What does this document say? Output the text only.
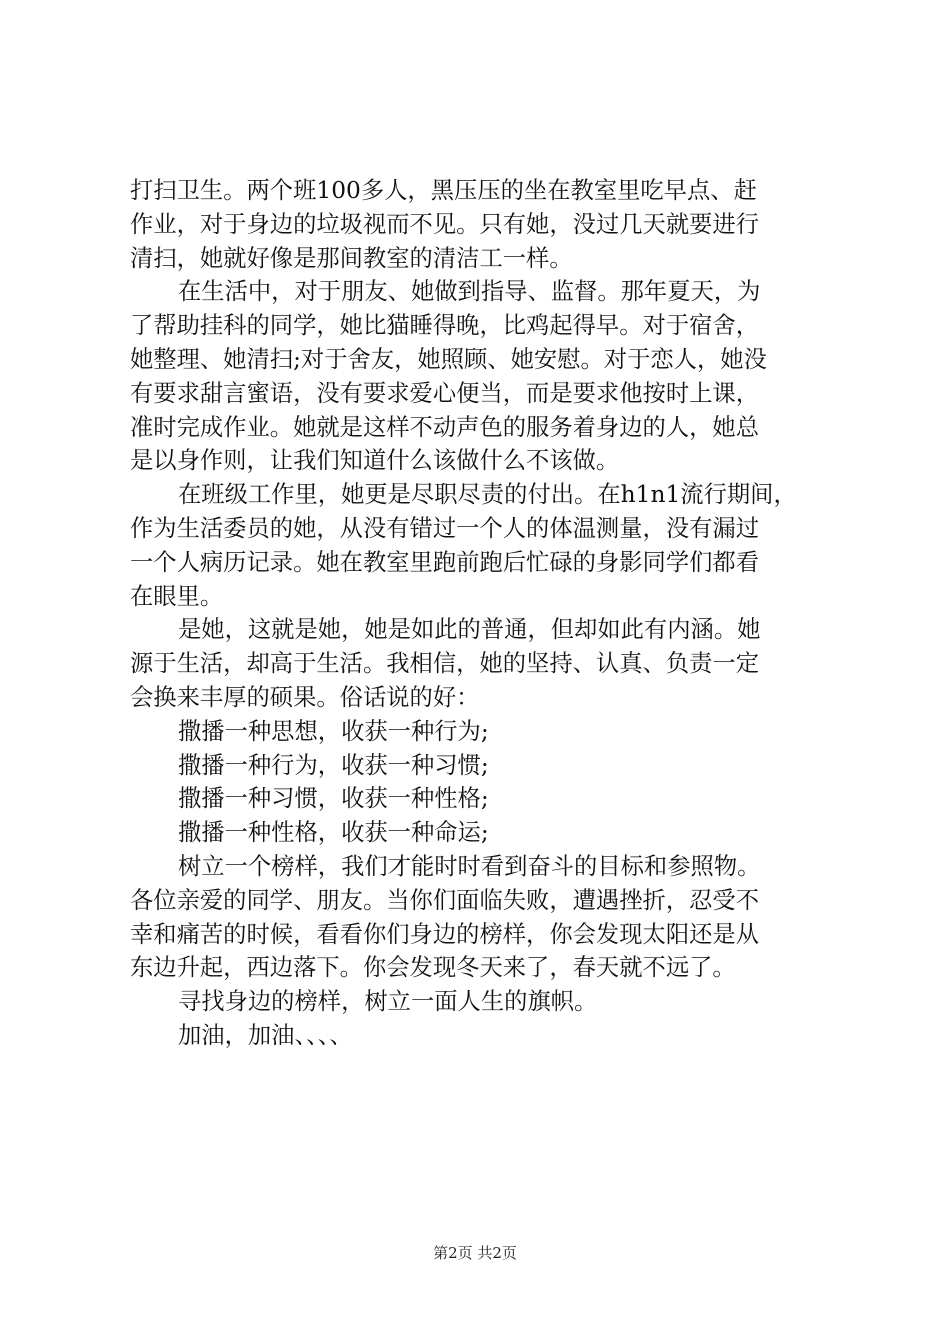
打扫卫生。两个班100多人，黑压压的坐在教室里吃早点、赶
作业，对于身边的垃圾视而不见。只有她，没过几天就要进行
清扫，她就好像是那间教室的清洁工一样。
在生活中，对于朋友、她做到指导、监督。那年夏天，为
了帮助挂科的同学，她比猫睡得晚，比鸡起得早。对于宿舍，
她整理、她清扫;对于舍友，她照顾、她安慰。对于恋人，她没
有要求甜言蜜语，没有要求爱心便当，而是要求他按时上课，
准时完成作业。她就是这样不动声色的服务着身边的人，她总
是以身作则，让我们知道什么该做什么不该做。
在班级工作里，她更是尽职尽责的付出。在h1n1流行期间，
作为生活委员的她，从没有错过一个人的体温测量，没有漏过
一个人病历记录。她在教室里跑前跑后忙碌的身影同学们都看
在眼里。
是她，这就是她，她是如此的普通，但却如此有内涵。她
源于生活，却高于生活。我相信，她的坚持、认真、负责一定
会换来丰厚的硕果。俗话说的好：
撒播一种思想，收获一种行为;
撒播一种行为，收获一种习惯;
撒播一种习惯，收获一种性格;
撒播一种性格，收获一种命运;
树立一个榜样，我们才能时时看到奋斗的目标和参照物。
各位亲爱的同学、朋友。当你们面临失败，遭遇挫折，忍受不
幸和痛苦的时候，看看你们身边的榜样，你会发现太阳还是从
东边升起，西边落下。你会发现冬天来了，春天就不远了。
寻找身边的榜样，树立一面人生的旗帜。
加油，加油、、、、
第2页 共2页
